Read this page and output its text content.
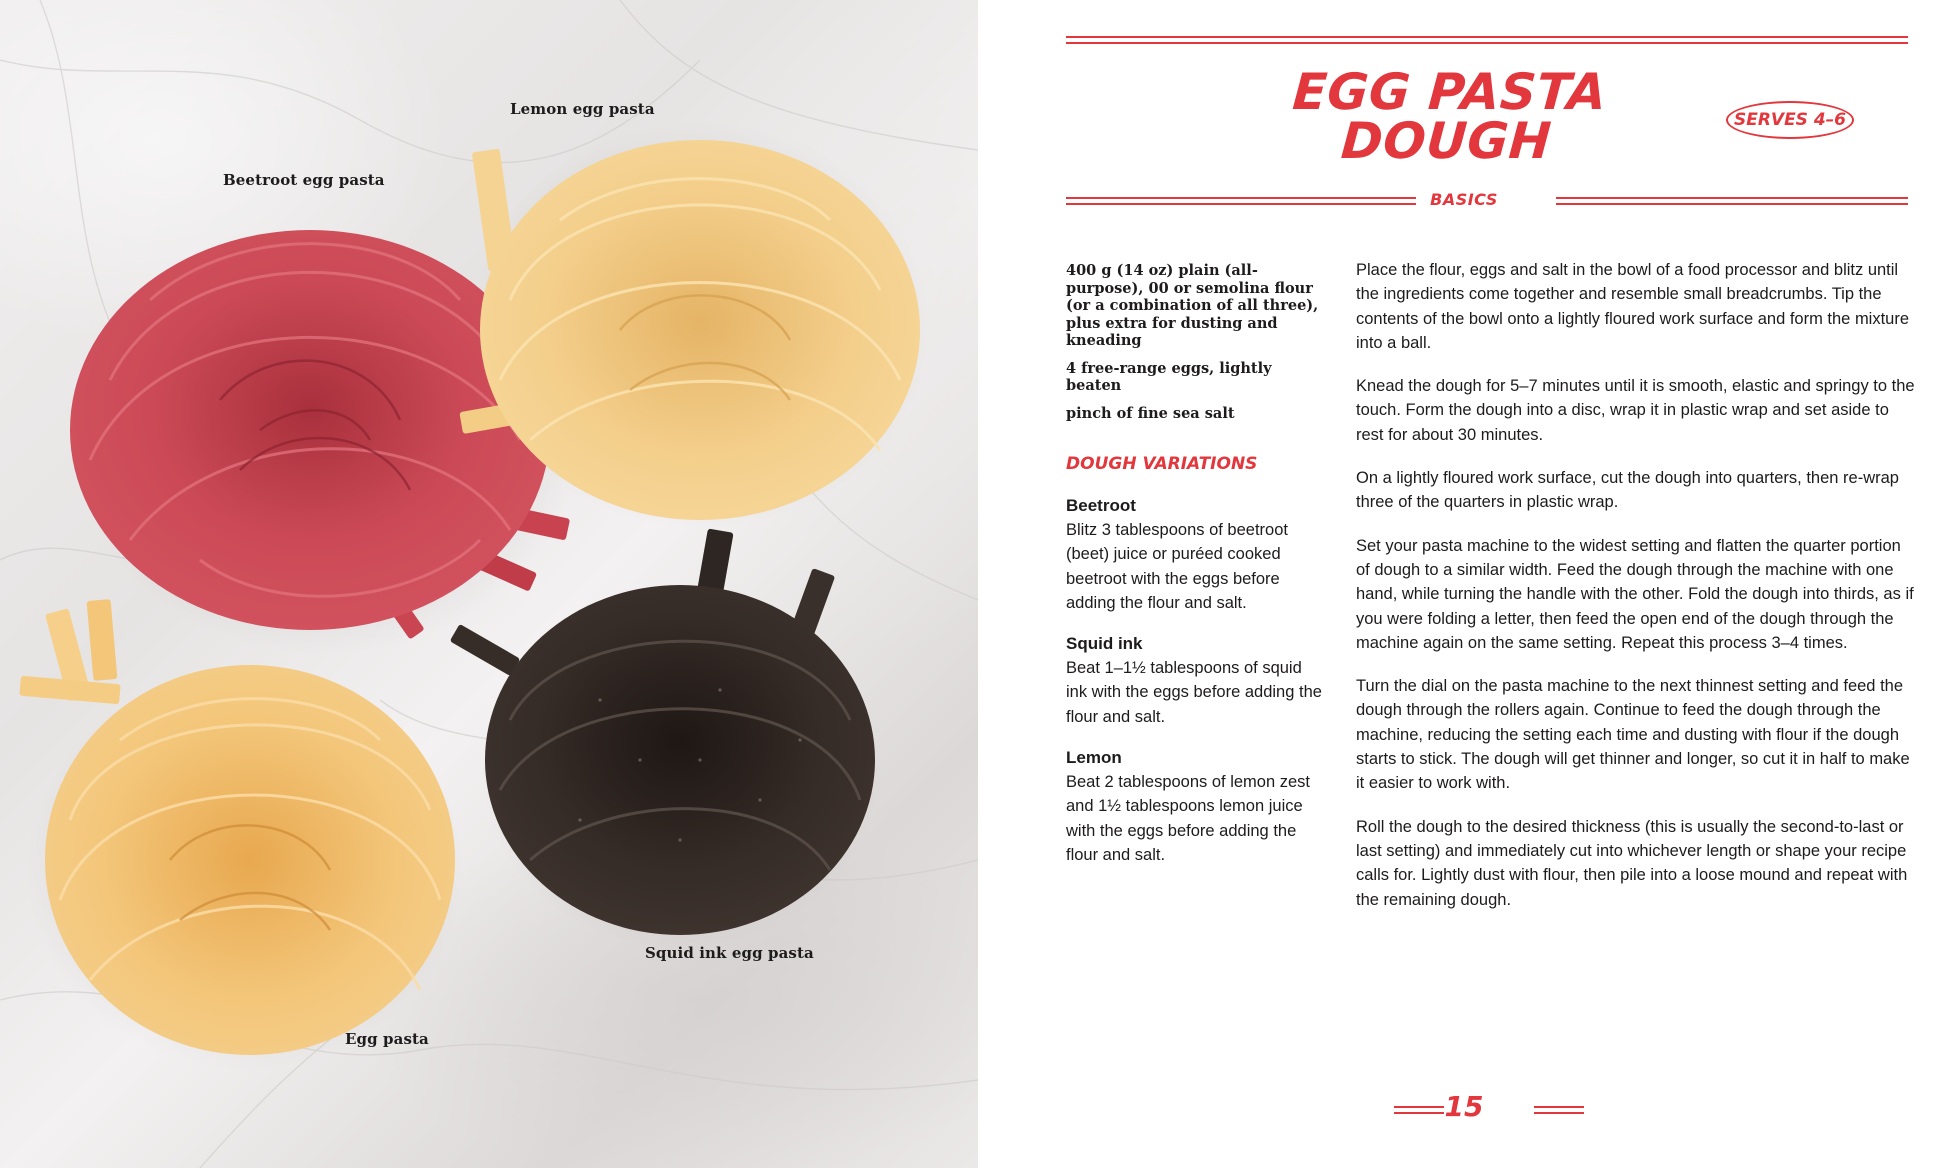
Lemon egg pasta
Beetroot egg pasta
Squid ink egg pasta
Egg pasta
EGG PASTA DOUGH	SERVES 4–6
BASICS
400 g (14 oz) plain (all-purpose), 00 or semolina flour (or a combination of all three), plus extra for dusting and kneading
4 free-range eggs, lightly beaten
pinch of fine sea salt
DOUGH VARIATIONS
Beetroot
Blitz 3 tablespoons of beetroot (beet) juice or puréed cooked beetroot with the eggs before adding the flour and salt.
Squid ink
Beat 1–1½ tablespoons of squid ink with the eggs before adding the flour and salt.
Lemon
Beat 2 tablespoons of lemon zest and 1½ tablespoons lemon juice with the eggs before adding the flour and salt.

Place the flour, eggs and salt in the bowl of a food processor and blitz until the ingredients come together and resemble small breadcrumbs. Tip the contents of the bowl onto a lightly floured work surface and form the mixture into a ball.

Knead the dough for 5–7 minutes until it is smooth, elastic and springy to the touch. Form the dough into a disc, wrap it in plastic wrap and set aside to rest for about 30 minutes.

On a lightly floured work surface, cut the dough into quarters, then re-wrap three of the quarters in plastic wrap.

Set your pasta machine to the widest setting and flatten the quarter portion of dough to a similar width. Feed the dough through the machine with one hand, while turning the handle with the other. Fold the dough into thirds, as if you were folding a letter, then feed the open end of the dough through the machine again on the same setting. Repeat this process 3–4 times.

Turn the dial on the pasta machine to the next thinnest setting and feed the dough through the rollers again. Continue to feed the dough through the machine, reducing the setting each time and dusting with flour if the dough starts to stick. The dough will get thinner and longer, so cut it in half to make it easier to work with.

Roll the dough to the desired thickness (this is usually the second-to-last or last setting) and immediately cut into whichever length or shape your recipe calls for. Lightly dust with flour, then pile into a loose mound and repeat with the remaining dough.

15
